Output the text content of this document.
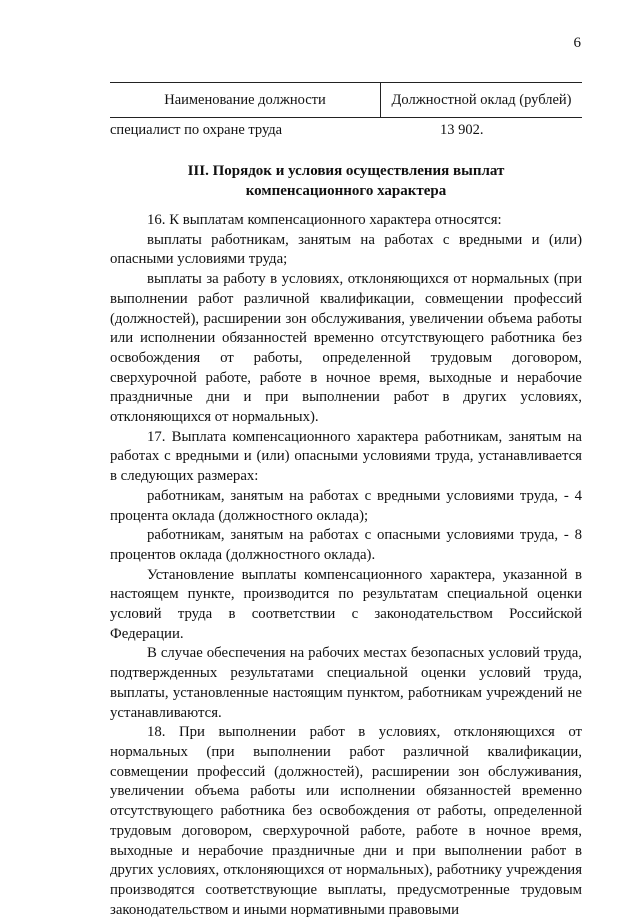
6
Наименование должности	Должностной оклад (рублей)
специалист по охране труда	13 902.
III. Порядок и условия осуществления выплат
компенсационного характера

16. К выплатам компенсационного характера относятся:

выплаты работникам, занятым на работах с вредными и (или) опасными условиями труда;

выплаты за работу в условиях, отклоняющихся от нормальных (при выполнении работ различной квалификации, совмещении профессий (должностей), расширении зон обслуживания, увеличении объема работы или исполнении обязанностей временно отсутствующего работника без освобождения от работы, определенной трудовым договором, сверхурочной работе, работе в ночное время, выходные и нерабочие праздничные дни и при выполнении работ в других условиях, отклоняющихся от нормальных).

17. Выплата компенсационного характера работникам, занятым на работах с вредными и (или) опасными условиями труда, устанавливается в следующих размерах:

работникам, занятым на работах с вредными условиями труда, - 4 процента оклада (должностного оклада);

работникам, занятым на работах с опасными условиями труда, - 8 процентов оклада (должностного оклада).

Установление выплаты компенсационного характера, указанной в настоящем пункте, производится по результатам специальной оценки условий труда в соответствии с законодательством Российской Федерации.

В случае обеспечения на рабочих местах безопасных условий труда, подтвержденных результатами специальной оценки условий труда, выплаты, установленные настоящим пунктом, работникам учреждений не устанавливаются.

18. При выполнении работ в условиях, отклоняющихся от нормальных (при выполнении работ различной квалификации, совмещении профессий (должностей), расширении зон обслуживания, увеличении объема работы или исполнении обязанностей временно отсутствующего работника без освобождения от работы, определенной трудовым договором, сверхурочной работе, работе в ночное время, выходные и нерабочие праздничные дни и при выполнении работ в других условиях, отклоняющихся от нормальных), работнику учреждения производятся соответствующие выплаты, предусмотренные трудовым законодательством и иными нормативными правовыми
